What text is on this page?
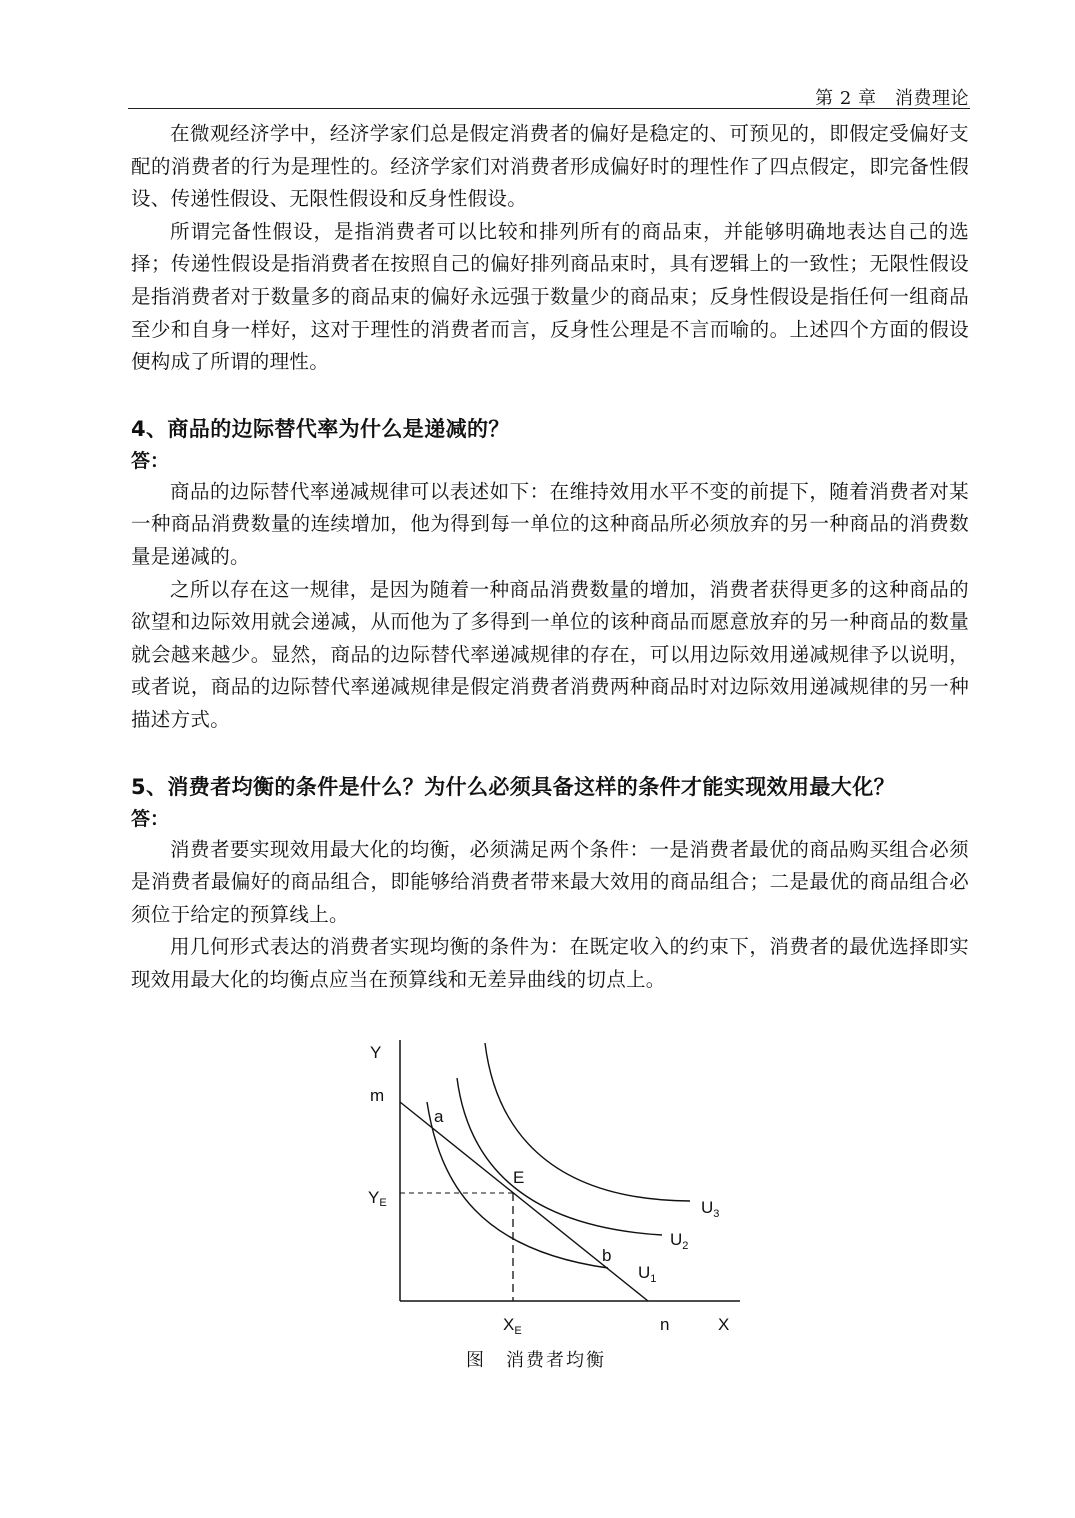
第 2 章　消费理论

在微观经济学中，经济学家们总是假定消费者的偏好是稳定的、可预见的，即假定受偏好支配的消费者的行为是理性的。经济学家们对消费者形成偏好时的理性作了四点假定，即完备性假设、传递性假设、无限性假设和反身性假设。

所谓完备性假设，是指消费者可以比较和排列所有的商品束，并能够明确地表达自己的选择；传递性假设是指消费者在按照自己的偏好排列商品束时，具有逻辑上的一致性；无限性假设是指消费者对于数量多的商品束的偏好永远强于数量少的商品束；反身性假设是指任何一组商品至少和自身一样好，这对于理性的消费者而言，反身性公理是不言而喻的。上述四个方面的假设便构成了所谓的理性。

4、商品的边际替代率为什么是递减的？

答：

商品的边际替代率递减规律可以表述如下：在维持效用水平不变的前提下，随着消费者对某一种商品消费数量的连续增加，他为得到每一单位的这种商品所必须放弃的另一种商品的消费数量是递减的。

之所以存在这一规律，是因为随着一种商品消费数量的增加，消费者获得更多的这种商品的欲望和边际效用就会递减，从而他为了多得到一单位的该种商品而愿意放弃的另一种商品的数量就会越来越少。显然，商品的边际替代率递减规律的存在，可以用边际效用递减规律予以说明，或者说，商品的边际替代率递减规律是假定消费者消费两种商品时对边际效用递减规律的另一种描述方式。

5、消费者均衡的条件是什么？为什么必须具备这样的条件才能实现效用最大化？

答：

消费者要实现效用最大化的均衡，必须满足两个条件：一是消费者最优的商品购买组合必须是消费者最偏好的商品组合，即能够给消费者带来最大效用的商品组合；二是最优的商品组合必须位于给定的预算线上。

用几何形式表达的消费者实现均衡的条件为：在既定收入的约束下，消费者的最优选择即实现效用最大化的均衡点应当在预算线和无差异曲线的切点上。

Y
m
a
E
YE
b
$U_3$
$U_2$
$U_1$
$X_E$	n	X
图　消费者均衡
